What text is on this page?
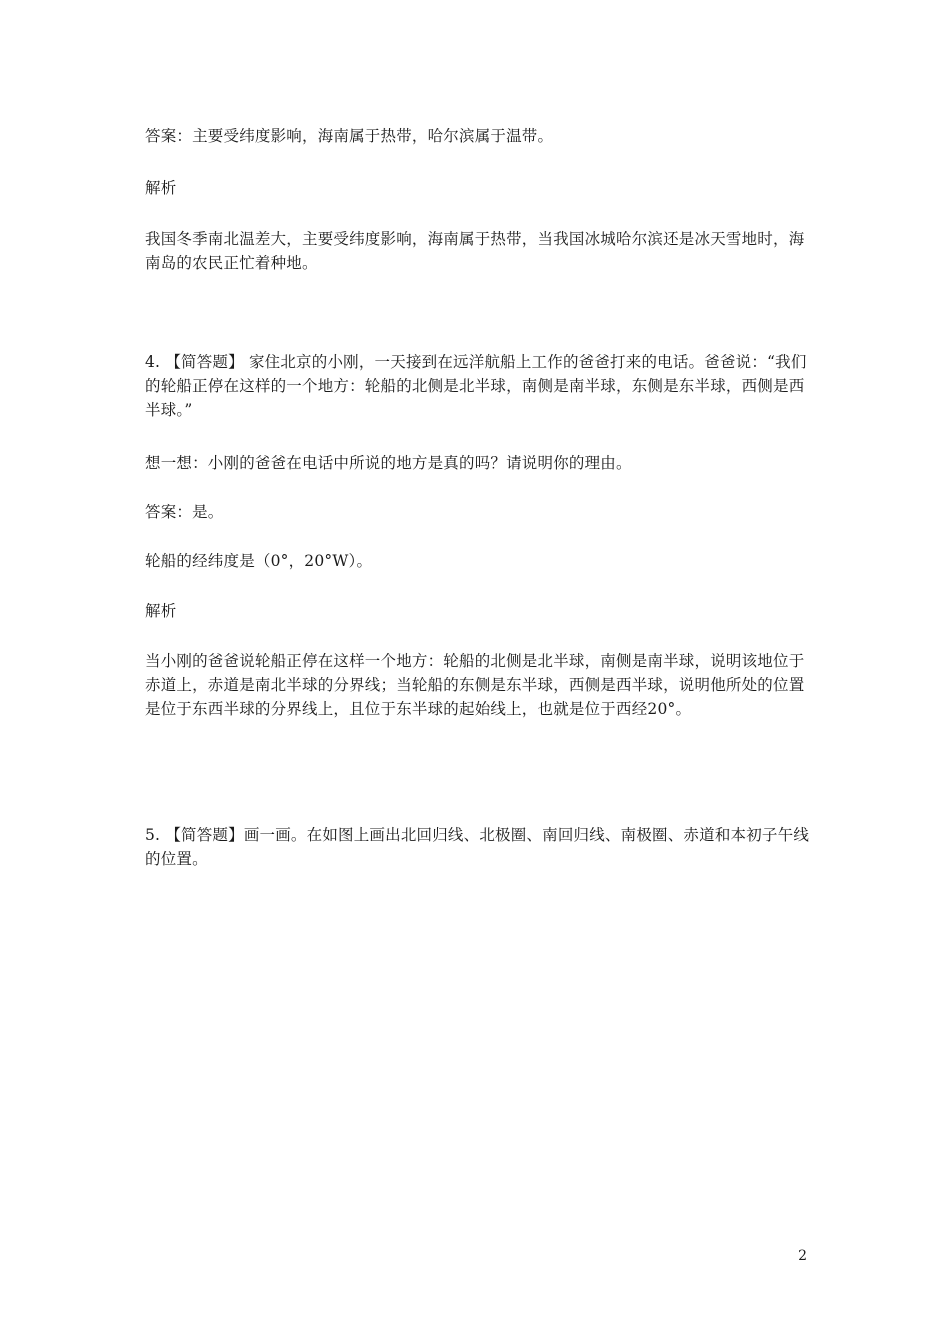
答案：主要受纬度影响，海南属于热带，哈尔滨属于温带。

解析

我国冬季南北温差大，主要受纬度影响，海南属于热带，当我国冰城哈尔滨还是冰天雪地时，海南岛的农民正忙着种地。

4. 【简答题】 家住北京的小刚，一天接到在远洋航船上工作的爸爸打来的电话。爸爸说：“我们的轮船正停在这样的一个地方：轮船的北侧是北半球，南侧是南半球，东侧是东半球，西侧是西半球。”

想一想：小刚的爸爸在电话中所说的地方是真的吗？请说明你的理由。

答案：是。

轮船的经纬度是（0°，20°W）。

解析

当小刚的爸爸说轮船正停在这样一个地方：轮船的北侧是北半球，南侧是南半球，说明该地位于赤道上，赤道是南北半球的分界线；当轮船的东侧是东半球，西侧是西半球，说明他所处的位置是位于东西半球的分界线上，且位于东半球的起始线上，也就是位于西经20°。

5. 【简答题】画一画。在如图上画出北回归线、北极圈、南回归线、南极圈、赤道和本初子午线的位置。

2
